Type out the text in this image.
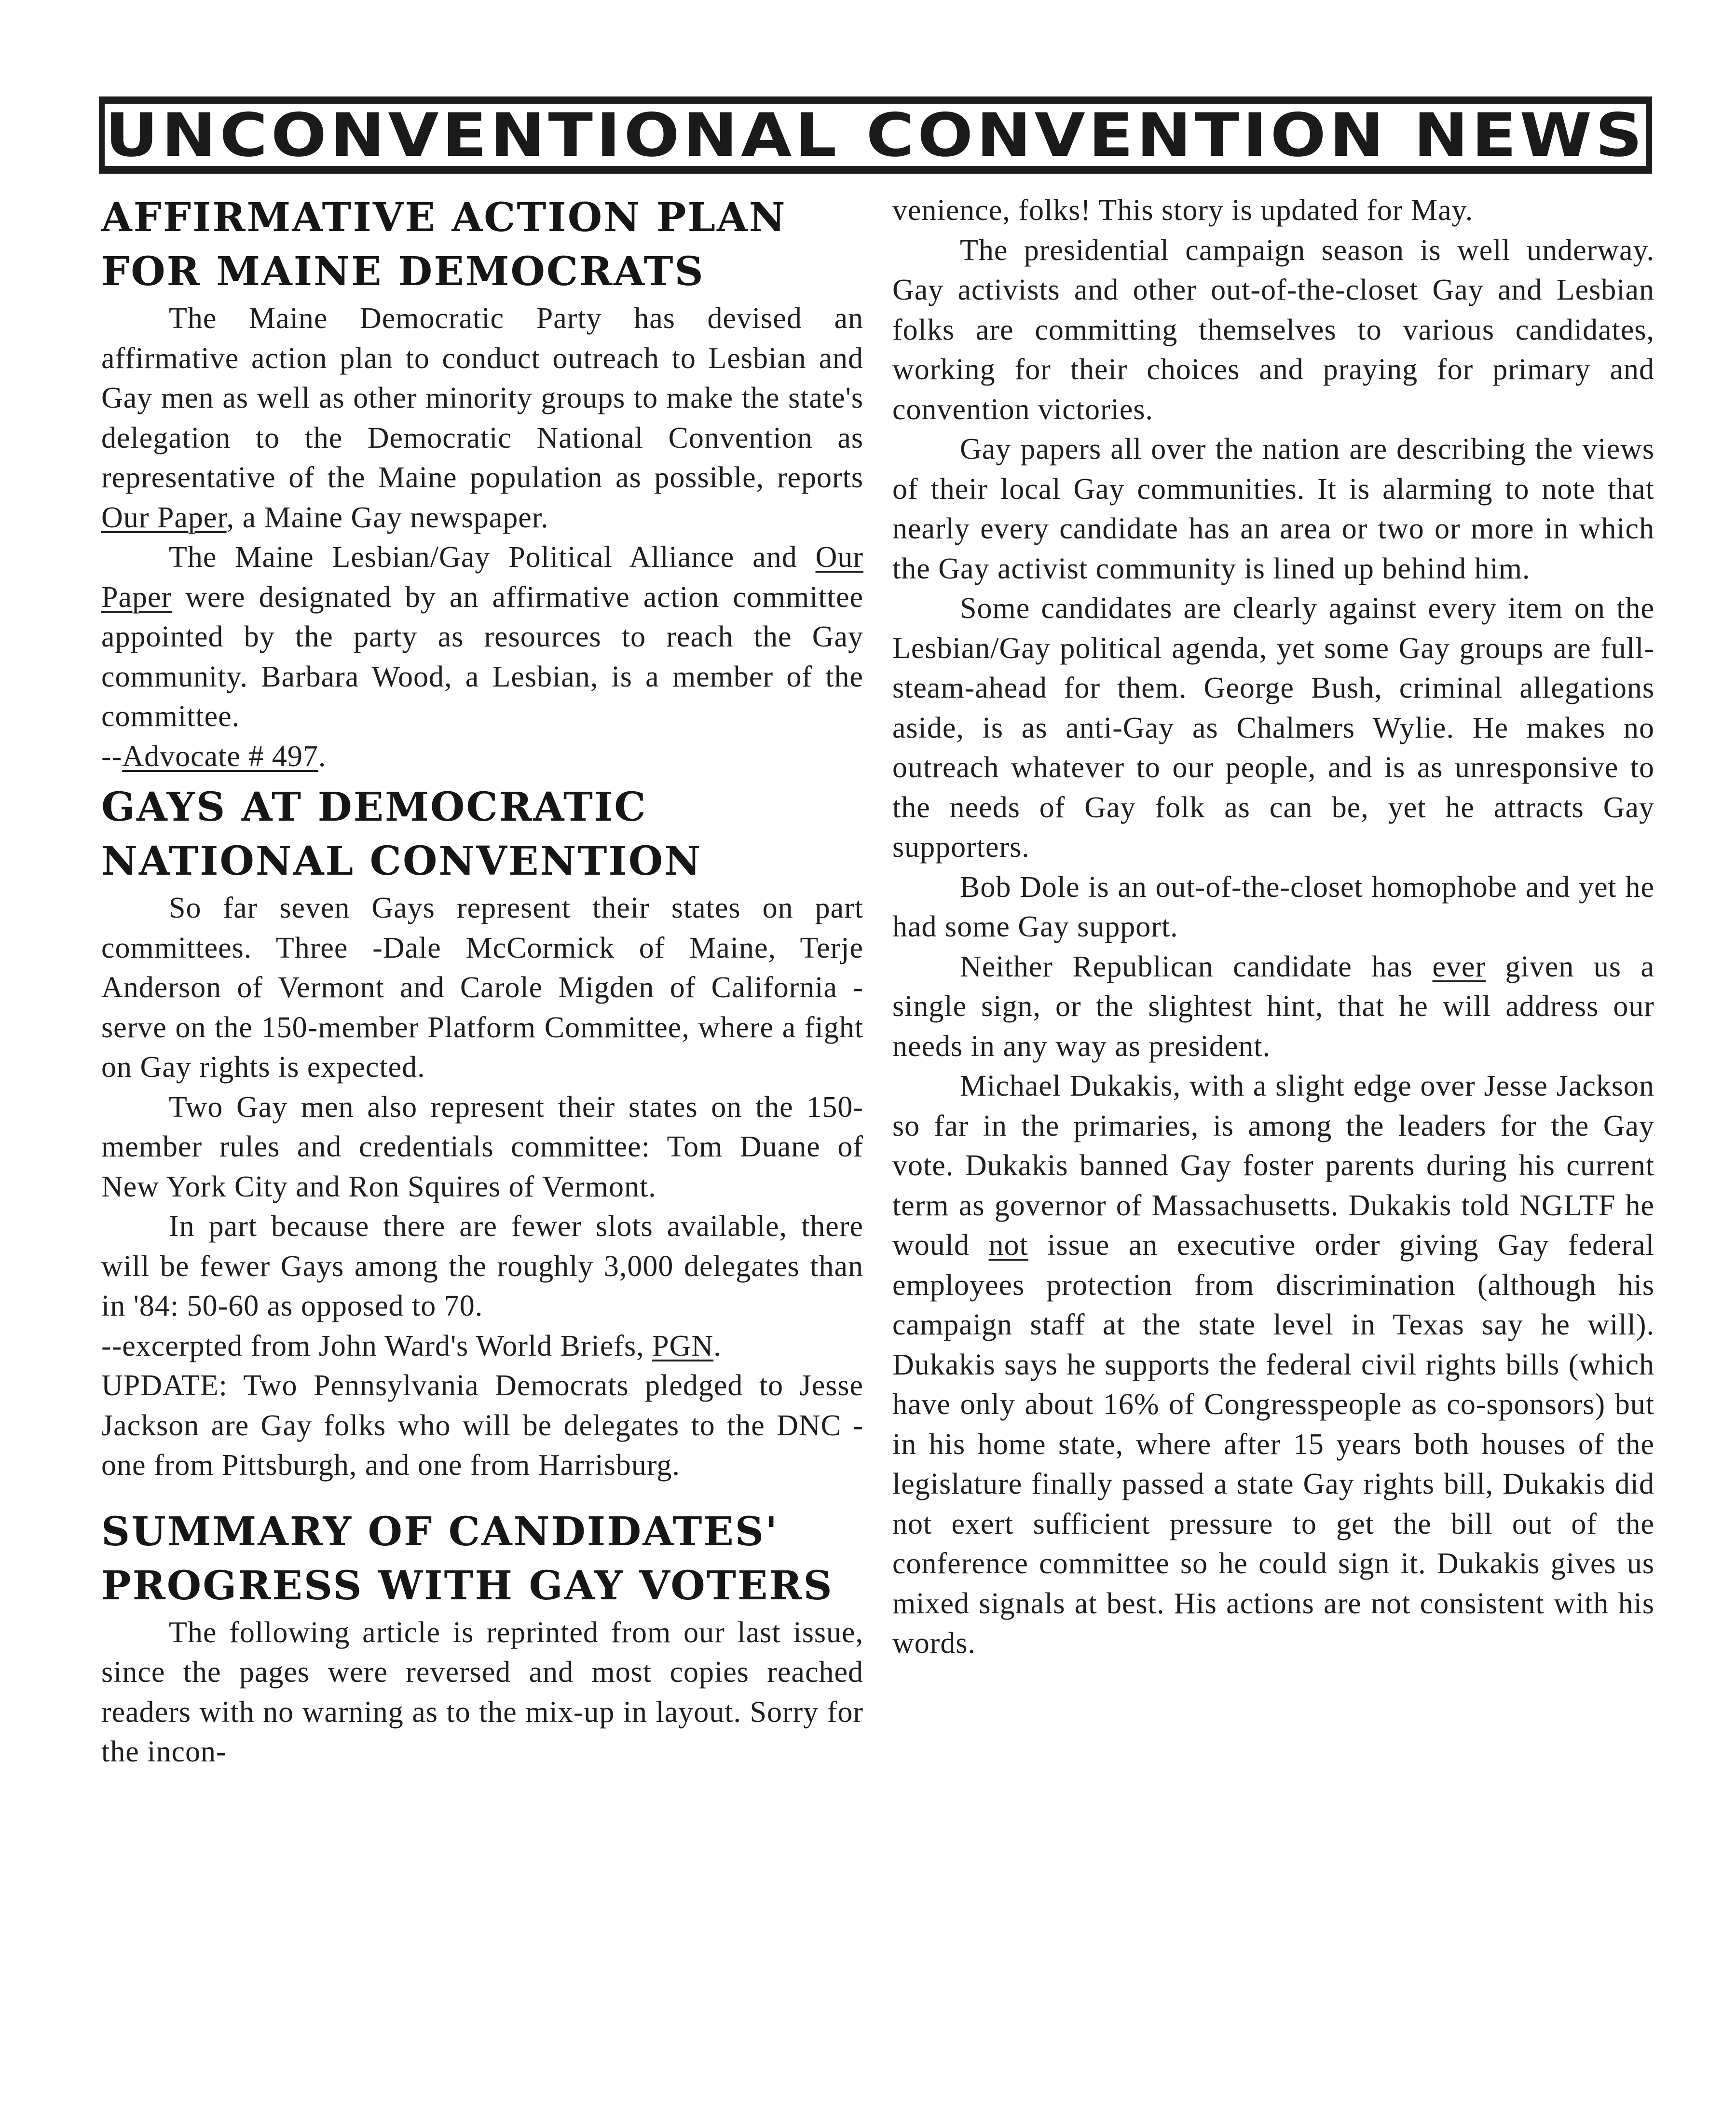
UNCONVENTIONAL CONVENTION NEWS
AFFIRMATIVE ACTION PLAN
FOR MAINE DEMOCRATS

The Maine Democratic Party has devised an affirmative action plan to conduct outreach to Lesbian and Gay men as well as other minority groups to make the state's delegation to the Democratic National Convention as representative of the Maine population as possible, reports Our Paper, a Maine Gay newspaper.

The Maine Lesbian/Gay Political Alliance and Our Paper were designated by an affirmative action committee appointed by the party as resources to reach the Gay community. Barbara Wood, a Lesbian, is a member of the committee.

--Advocate # 497.

GAYS AT DEMOCRATIC
NATIONAL CONVENTION

So far seven Gays represent their states on part committees. Three -Dale McCormick of Maine, Terje Anderson of Vermont and Carole Migden of California - serve on the 150-member Platform Committee, where a fight on Gay rights is expected.

Two Gay men also represent their states on the 150-member rules and credentials committee: Tom Duane of New York City and Ron Squires of Vermont.

In part because there are fewer slots available, there will be fewer Gays among the roughly 3,000 delegates than in '84: 50-60 as opposed to 70.

--excerpted from John Ward's World Briefs, PGN.

UPDATE: Two Pennsylvania Democrats pledged to Jesse Jackson are Gay folks who will be delegates to the DNC - one from Pittsburgh, and one from Harrisburg.

SUMMARY OF CANDIDATES'
PROGRESS WITH GAY VOTERS

The following article is reprinted from our last issue, since the pages were reversed and most copies reached readers with no warning as to the mix-up in layout. Sorry for the incon-

venience, folks! This story is updated for May.

The presidential campaign season is well underway. Gay activists and other out-of-the-closet Gay and Lesbian folks are committing themselves to various candidates, working for their choices and praying for primary and convention victories.

Gay papers all over the nation are describing the views of their local Gay communities. It is alarming to note that nearly every candidate has an area or two or more in which the Gay activist community is lined up behind him.

Some candidates are clearly against every item on the Lesbian/Gay political agenda, yet some Gay groups are full-steam-ahead for them. George Bush, criminal allegations aside, is as anti-Gay as Chalmers Wylie. He makes no outreach whatever to our people, and is as unresponsive to the needs of Gay folk as can be, yet he attracts Gay supporters.

Bob Dole is an out-of-the-closet homophobe and yet he had some Gay support.

Neither Republican candidate has ever given us a single sign, or the slightest hint, that he will address our needs in any way as president.

Michael Dukakis, with a slight edge over Jesse Jackson so far in the primaries, is among the leaders for the Gay vote. Dukakis banned Gay foster parents during his current term as governor of Massachusetts. Dukakis told NGLTF he would not issue an executive order giving Gay federal employees protection from discrimination (although his campaign staff at the state level in Texas say he will). Dukakis says he supports the federal civil rights bills (which have only about 16% of Congresspeople as co-sponsors) but in his home state, where after 15 years both houses of the legislature finally passed a state Gay rights bill, Dukakis did not exert sufficient pressure to get the bill out of the conference committee so he could sign it. Dukakis gives us mixed signals at best. His actions are not consistent with his words.
